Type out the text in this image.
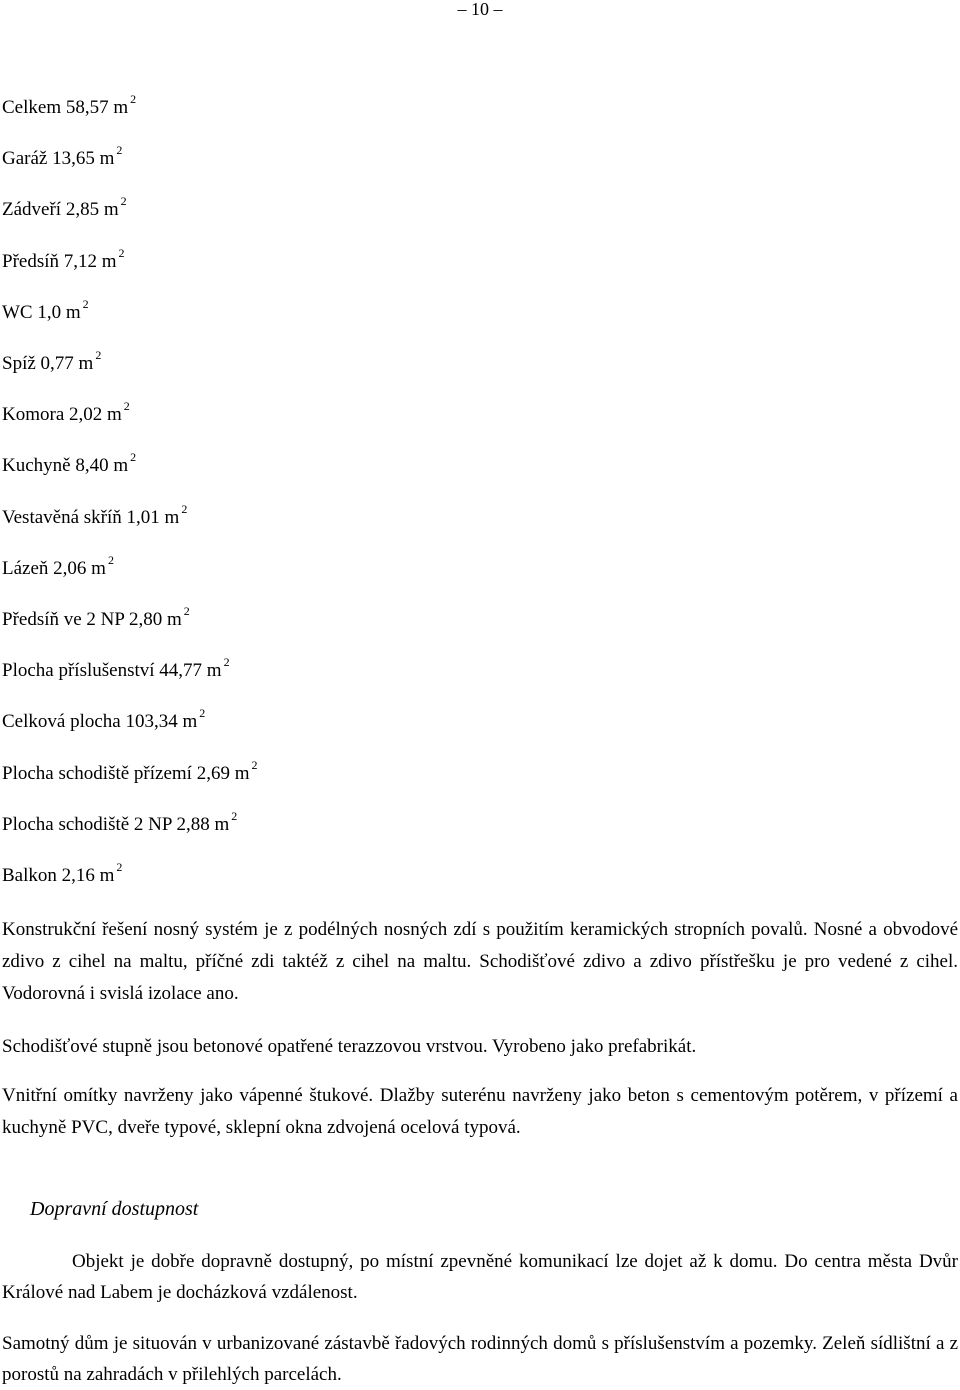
– 10 –
Celkem 58,57 m $^2$
Garáž 13,65 m $^2$
Zádveří 2,85 m $^2$
Předsíň 7,12 m $^2$
WC 1,0 m $^2$
Spíž 0,77 m $^2$
Komora 2,02 m $^2$
Kuchyně 8,40 m $^2$
Vestavěná skříň 1,01 m $^2$
Lázeň 2,06 m $^2$
Předsíň ve 2 NP 2,80 m $^2$
Plocha příslušenství 44,77 m $^2$
Celková plocha 103,34 m $^2$
Plocha schodiště přízemí 2,69 m $^2$
Plocha schodiště 2 NP 2,88 m $^2$
Balkon 2,16 m $^2$
Konstrukční řešení nosný systém je z podélných nosných zdí s použitím keramických stropních povalů. Nosné a obvodové zdivo z cihel na maltu, příčné zdi taktéž z cihel na maltu. Schodišťové zdivo a zdivo přístřešku je pro vedené z cihel. Vodorovná i svislá izolace ano.
Schodišťové stupně jsou betonové opatřené terazzovou vrstvou. Vyrobeno jako prefabrikát.
Vnitřní omítky navrženy jako vápenné štukové. Dlažby suterénu navrženy jako beton s cementovým potěrem, v přízemí a kuchyně PVC, dveře typové, sklepní okna zdvojená ocelová typová.
Dopravní dostupnost
Objekt je dobře dopravně dostupný, po místní zpevněné komunikací lze dojet až k domu. Do centra města Dvůr Králové nad Labem je docházková vzdálenost.
Samotný dům je situován v urbanizované zástavbě řadových rodinných domů s příslušenstvím a pozemky. Zeleň sídlištní a z porostů na zahradách v přilehlých parcelách.
